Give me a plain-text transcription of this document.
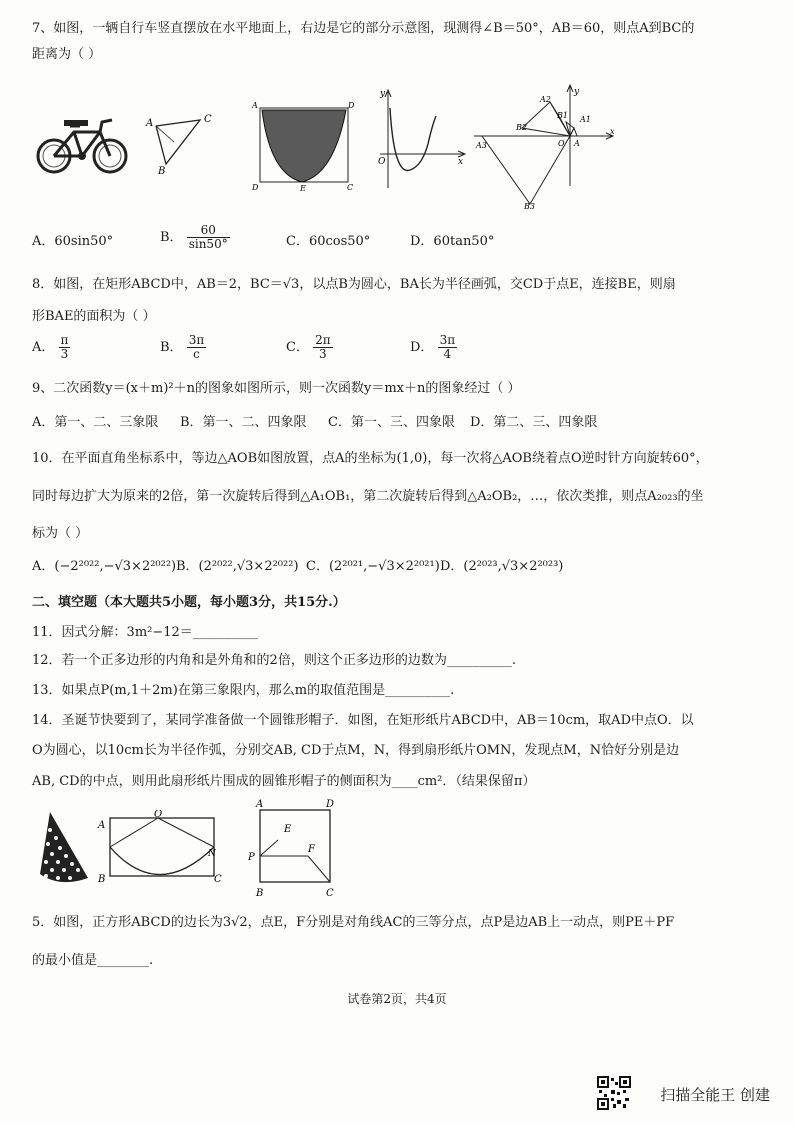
7、如图，一辆自行车竖直摆放在水平地面上，右边是它的部分示意图，现测得∠B＝50°，AB＝60，则点A到BC的
距离为（ ）
A	C
B
A	D
D	E	C
y
O	x
y
A2
B1 A1
B2
A3	O A
x
B3
A．60sin50°	B． $\frac{60}{\sin 50^\circ}$	C．60cos50°	D．60tan50°
8．如图，在矩形ABCD中，AB＝2，BC＝√3，以点B为圆心，BA长为半径画弧，交CD于点E，连接BE，则扇
形BAE的面积为（ ）
A． $\frac{\pi}{3}$	B． $\frac{3\pi}{c}$	C． $\frac{2\pi}{3}$	D． $\frac{3\pi}{4}$
9、二次函数y＝(x＋m)²＋n的图象如图所示，则一次函数y＝mx＋n的图象经过（ ）
A．第一、二、三象限 B．第一、二、四象限 C．第一、三、四象限 D．第二、三、四象限
10．在平面直角坐标系中，等边△AOB如图放置，点A的坐标为(1,0)，每一次将△AOB绕着点O逆时针方向旋转60°，
同时每边扩大为原来的2倍，第一次旋转后得到△A₁OB₁，第二次旋转后得到△A₂OB₂，…，依次类推，则点A₂₀₂₃的坐
标为（ ）
A．(−2²⁰²²,−√3×2²⁰²²) B．(2²⁰²²,√3×2²⁰²²) C．(2²⁰²¹,−√3×2²⁰²¹) D．(2²⁰²³,√3×2²⁰²³)
二、填空题（本大题共5小题，每小题3分，共15分.）
11．因式分解：3m²−12＝__________
12．若一个正多边形的内角和是外角和的2倍，则这个正多边形的边数为__________.
13．如果点P(m,1＋2m)在第三象限内，那么m的取值范围是__________.
14．圣诞节快要到了，某同学准备做一个圆锥形帽子．如图，在矩形纸片ABCD中，AB＝10cm，取AD中点O．以
O为圆心，以10cm长为半径作弧，分别交AB, CD于点M，N，得到扇形纸片OMN，发现点M，N恰好分别是边
AB, CD的中点，则用此扇形纸片围成的圆锥形帽子的侧面积为____cm²．（结果保留π）
A
O
N
B	C
A	D
E
F
P
B	C
5．如图，正方形ABCD的边长为3√2，点E，F分别是对角线AC的三等分点，点P是边AB上一动点，则PE＋PF
的最小值是________.
试卷第2页，共4页
扫描全能王 创建
